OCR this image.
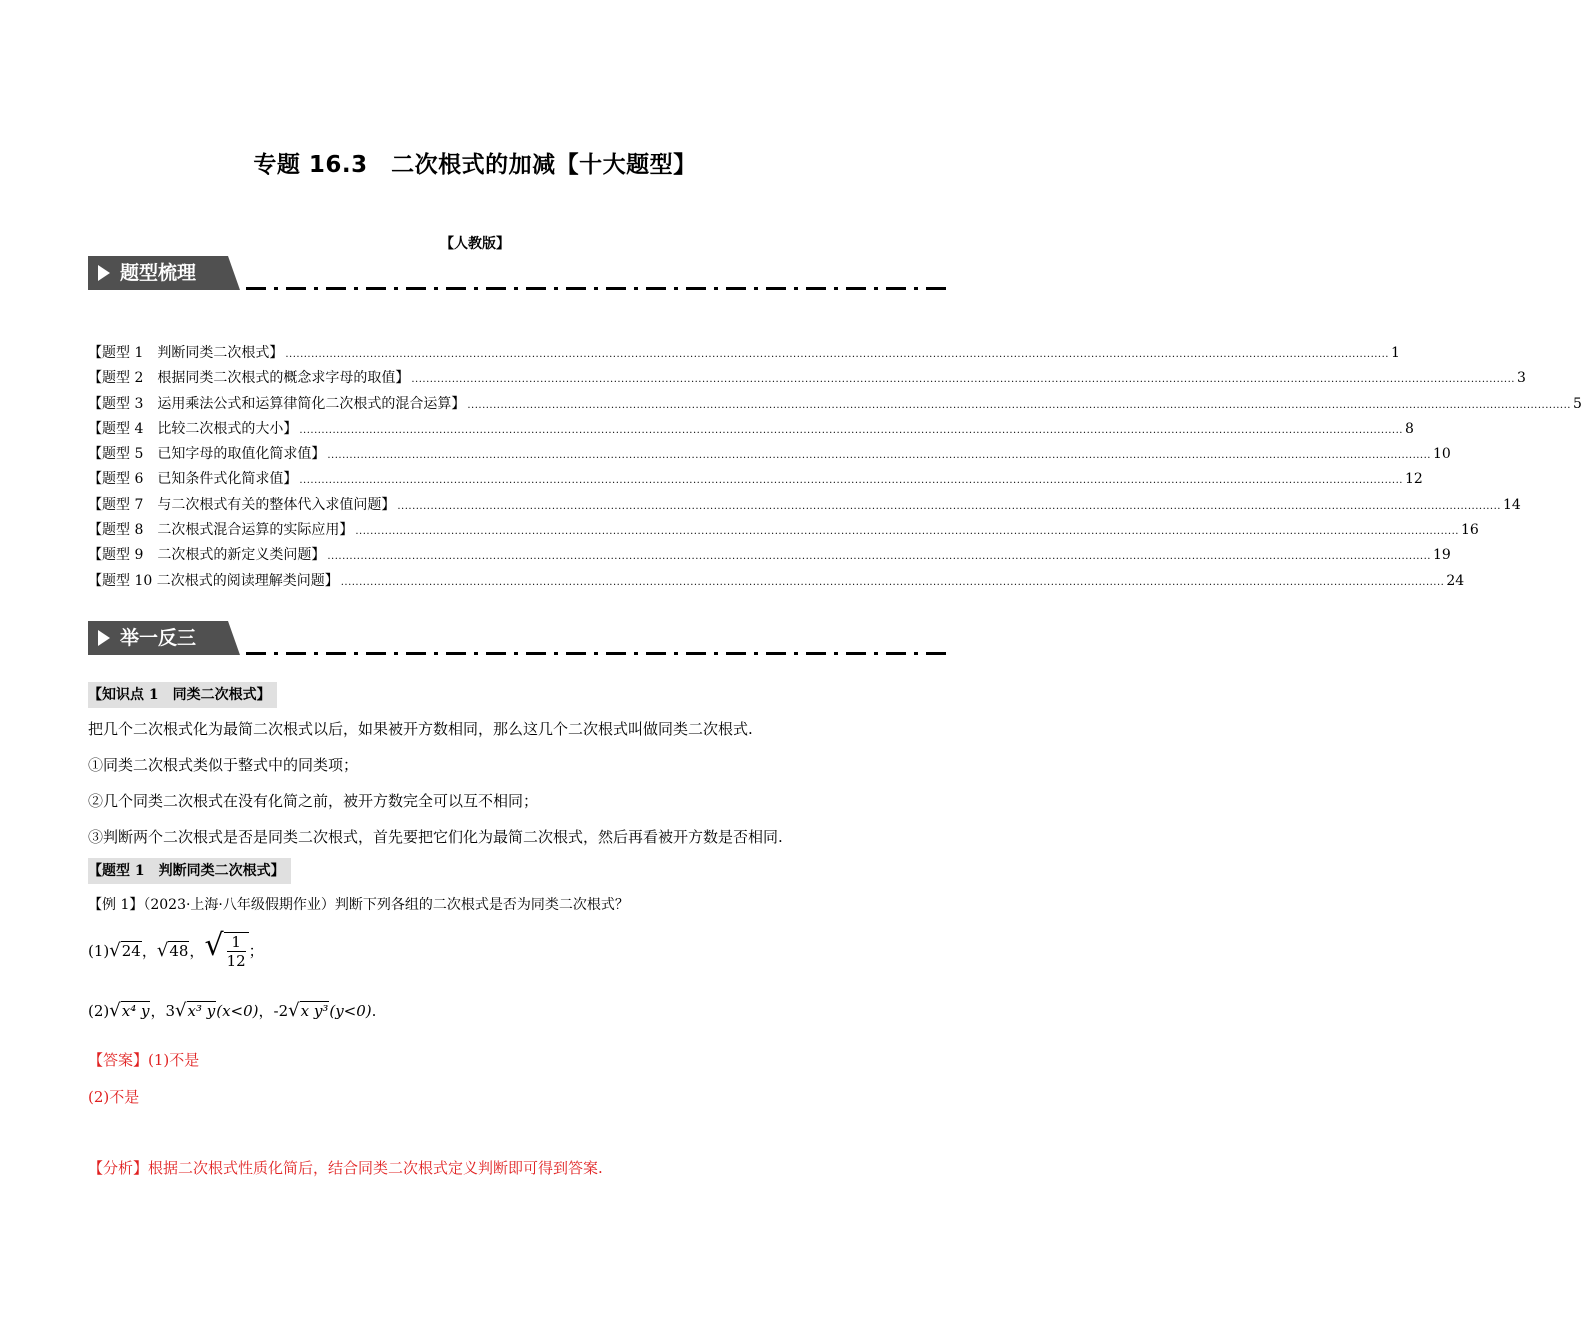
专题 16.3　二次根式的加减【十大题型】
【人教版】
题型梳理
【题型 1　判断同类二次根式】 ............................................................................................................................................................................................................................................................................................................ 1
【题型 2　根据同类二次根式的概念求字母的取值】 ............................................................................................................................................................................................................................................................................................................ 3
【题型 3　运用乘法公式和运算律简化二次根式的混合运算】 ............................................................................................................................................................................................................................................................................................................ 5
【题型 4　比较二次根式的大小】 ............................................................................................................................................................................................................................................................................................................ 8
【题型 5　已知字母的取值化简求值】 ............................................................................................................................................................................................................................................................................................................ 10
【题型 6　已知条件式化简求值】 ............................................................................................................................................................................................................................................................................................................ 12
【题型 7　与二次根式有关的整体代入求值问题】 ............................................................................................................................................................................................................................................................................................................ 14
【题型 8　二次根式混合运算的实际应用】 ............................................................................................................................................................................................................................................................................................................ 16
【题型 9　二次根式的新定义类问题】 ............................................................................................................................................................................................................................................................................................................ 19
【题型 10 二次根式的阅读理解类问题】 ............................................................................................................................................................................................................................................................................................................ 24
举一反三
【知识点 1　同类二次根式】
把几个二次根式化为最简二次根式以后，如果被开方数相同，那么这几个二次根式叫做同类二次根式.
①同类二次根式类似于整式中的同类项；
②几个同类二次根式在没有化简之前，被开方数完全可以互不相同；
③判断两个二次根式是否是同类二次根式，首先要把它们化为最简二次根式，然后再看被开方数是否相同.
【题型 1　判断同类二次根式】
【例 1】（2023·上海·八年级假期作业）判断下列各组的二次根式是否为同类二次根式？
(1) √24 ， √48 ， √ $\frac{1}{12}$ ；
(2) √x⁴ y ， 3 √x³ y (x<0) ， -2 √x y³ (y<0) .
【答案】(1)不是
(2)不是
【分析】根据二次根式性质化简后，结合同类二次根式定义判断即可得到答案.
